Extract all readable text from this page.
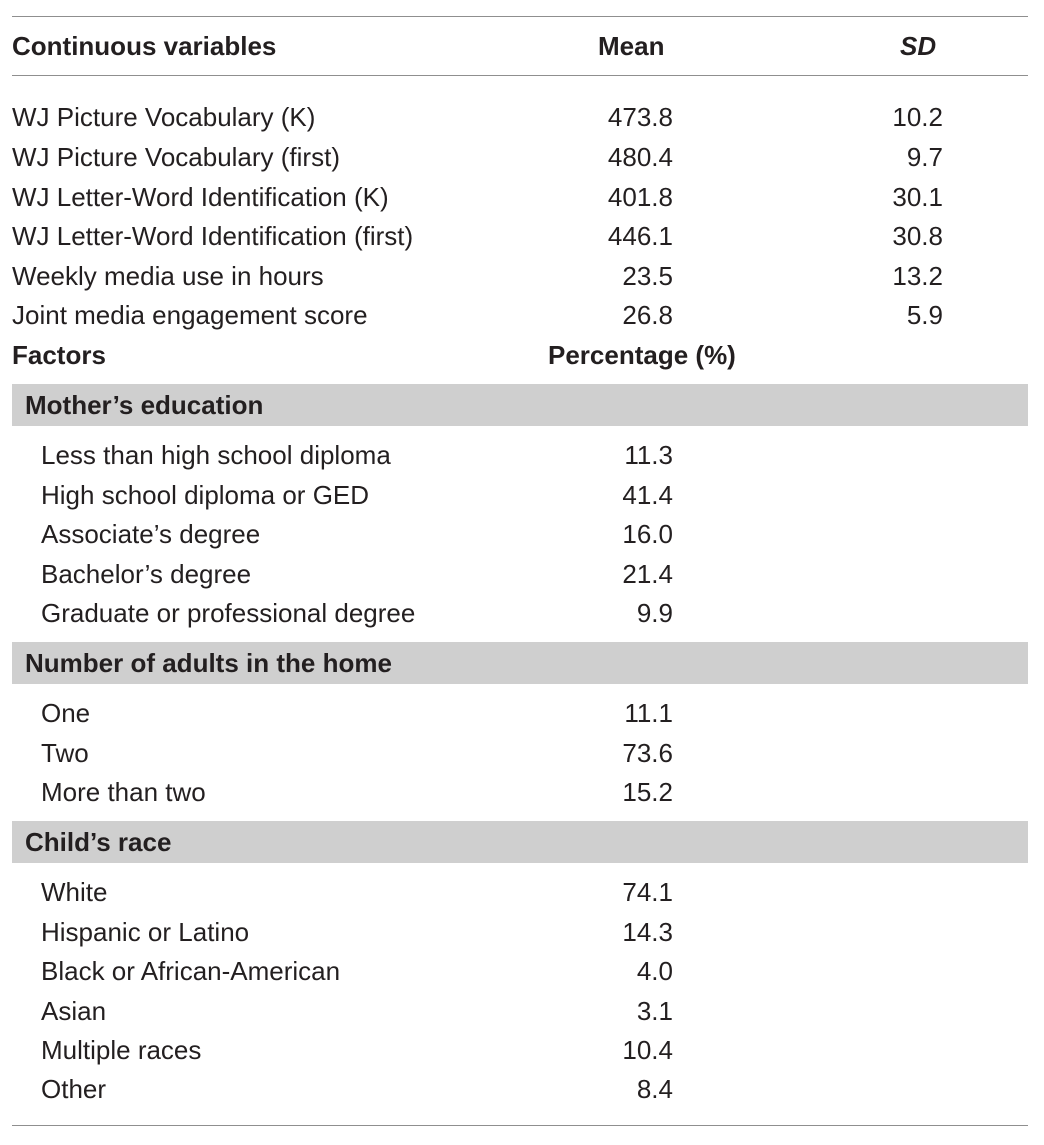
Continuous variables	Mean	SD
WJ Picture Vocabulary (K)	473.8	10.2
WJ Picture Vocabulary (first)	480.4	9.7
WJ Letter-Word Identification (K)	401.8	30.1
WJ Letter-Word Identification (first)	446.1	30.8
Weekly media use in hours	23.5	13.2
Joint media engagement score	26.8	5.9
Factors	Percentage (%)
Mother’s education
Less than high school diploma	11.3
High school diploma or GED	41.4
Associate’s degree	16.0
Bachelor’s degree	21.4
Graduate or professional degree	9.9
Number of adults in the home
One	11.1
Two	73.6
More than two	15.2
Child’s race
White	74.1
Hispanic or Latino	14.3
Black or African-American	4.0
Asian	3.1
Multiple races	10.4
Other	8.4
